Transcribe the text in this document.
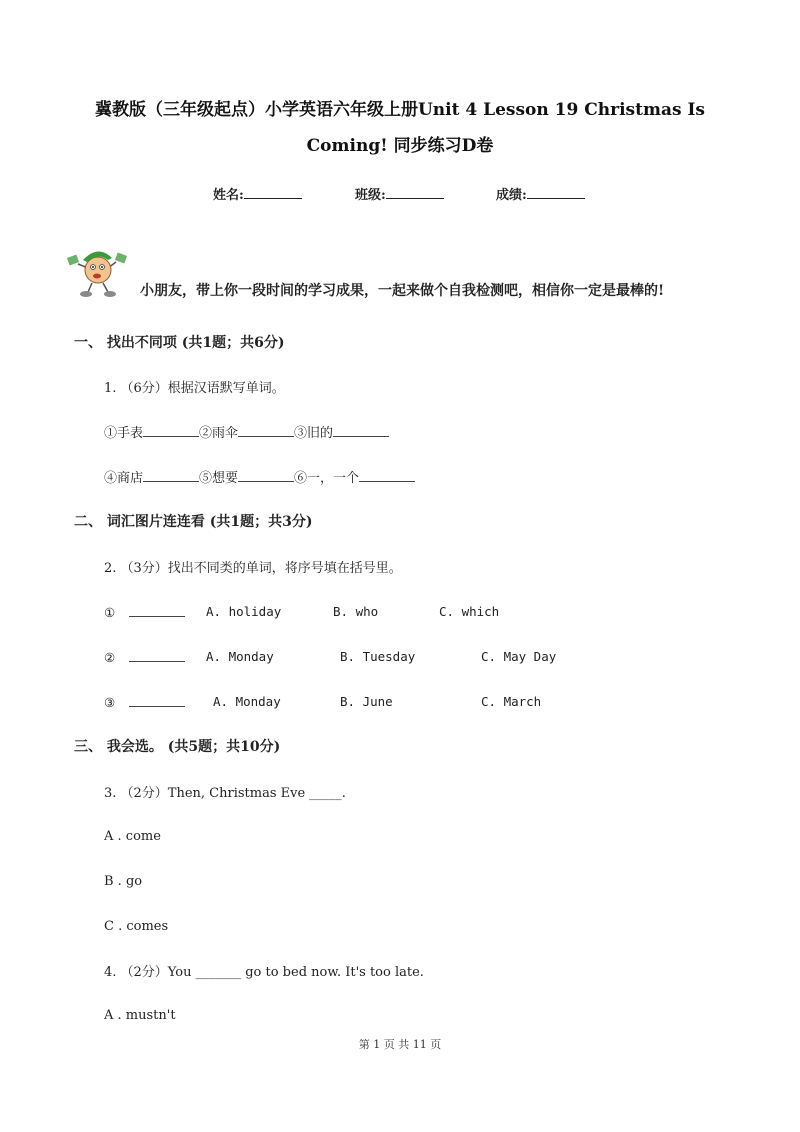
冀教版（三年级起点）小学英语六年级上册Unit 4 Lesson 19 Christmas Is
Coming! 同步练习D卷
姓名:	班级:	成绩:
小朋友，带上你一段时间的学习成果，一起来做个自我检测吧，相信你一定是最棒的!
一、 找出不同项 (共1题；共6分)
1. （6分）根据汉语默写单词。
①手表	②雨伞	③旧的
④商店	⑤想要	⑥一，一个
二、 词汇图片连连看 (共1题；共3分)
2. （3分）找出不同类的单词，将序号填在括号里。
①	A. holiday	B. who	C. which
②	A. Monday	B. Tuesday	C. May Day
③	A. Monday	B. June	C. March
三、 我会选。 (共5题；共10分)
3. （2分）Then, Christmas Eve _____.
A . come
B . go
C . comes
4. （2分）You _______ go to bed now. It's too late.
A . mustn't
第 1 页 共 11 页
